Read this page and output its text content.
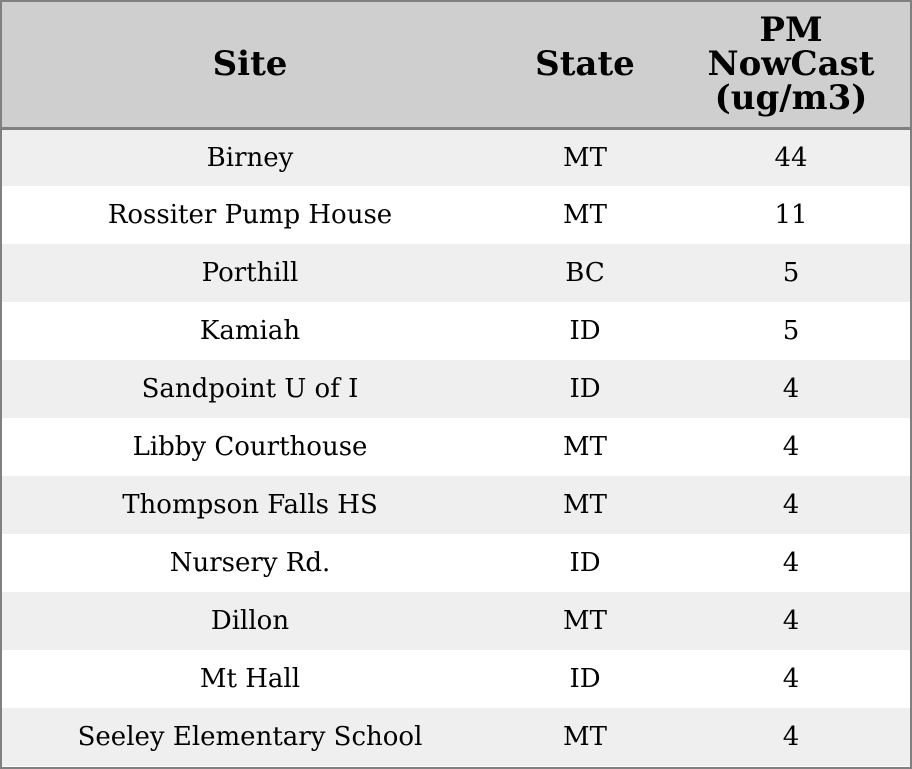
Site	State	PM
NowCast
(ug/m3)

Birney	MT	44
Rossiter Pump House	MT	11
Porthill	BC	5
Kamiah	ID	5
Sandpoint U of I	ID	4
Libby Courthouse	MT	4
Thompson Falls HS	MT	4
Nursery Rd.	ID	4
Dillon	MT	4
Mt Hall	ID	4
Seeley Elementary School	MT	4
